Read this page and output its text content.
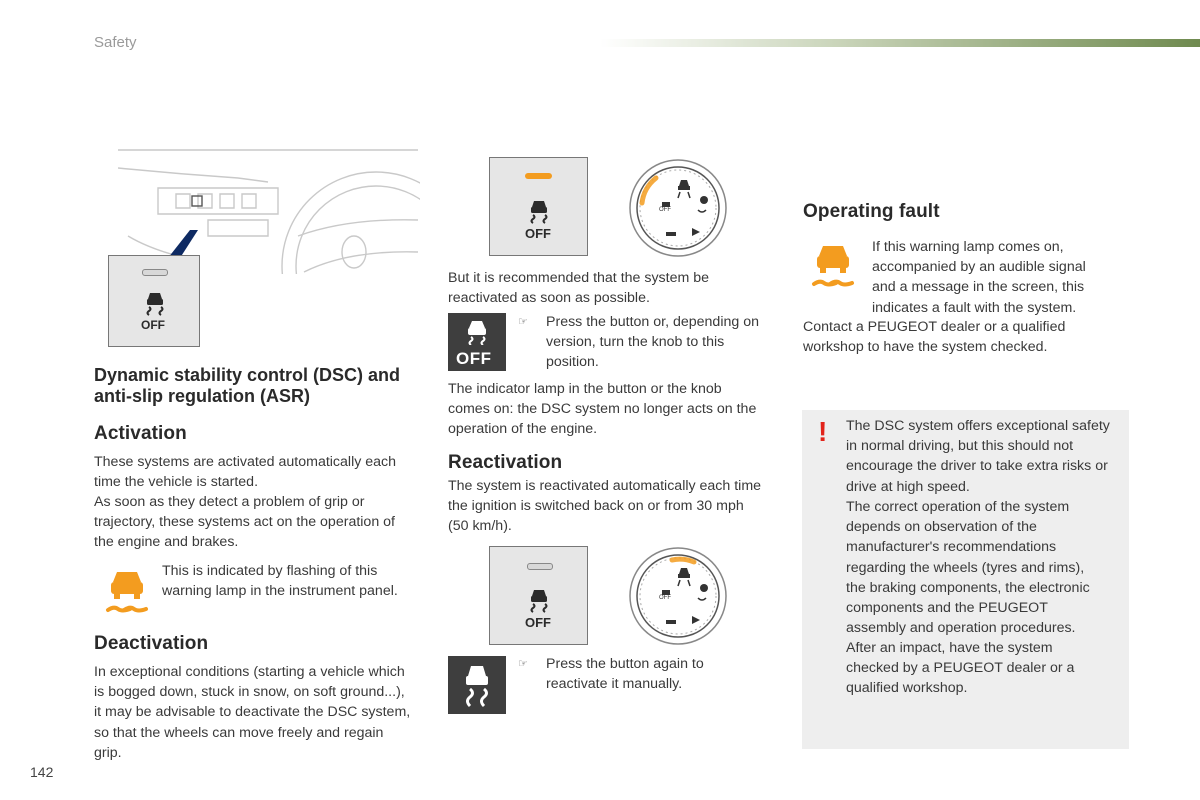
Safety
OFF

Dynamic stability control (DSC) and anti-slip regulation (ASR)

Activation

These systems are activated automatically each time the vehicle is started.

As soon as they detect a problem of grip or trajectory, these systems act on the operation of the engine and brakes.

This is indicated by flashing of this warning lamp in the instrument panel.

Deactivation

In exceptional conditions (starting a vehicle which is bogged down, stuck in snow, on soft ground...), it may be advisable to deactivate the DSC system, so that the wheels can move freely and regain grip.

142
OFF
OFF

But it is recommended that the system be reactivated as soon as possible.

OFF
☞ Press the button or, depending on version, turn the knob to this position.

The indicator lamp in the button or the knob comes on: the DSC system no longer acts on the operation of the engine.

Reactivation

The system is reactivated automatically each time the ignition is switched back on or from 30 mph (50 km/h).

OFF
OFF
☞ Press the button again to reactivate it manually.

Operating fault

If this warning lamp comes on, accompanied by an audible signal and a message in the screen, this indicates a fault with the system.

Contact a PEUGEOT dealer or a qualified workshop to have the system checked.

! The DSC system offers exceptional safety in normal driving, but this should not encourage the driver to take extra risks or drive at high speed.

The correct operation of the system depends on observation of the manufacturer's recommendations regarding the wheels (tyres and rims), the braking components, the electronic components and the PEUGEOT assembly and operation procedures.

After an impact, have the system checked by a PEUGEOT dealer or a qualified workshop.
